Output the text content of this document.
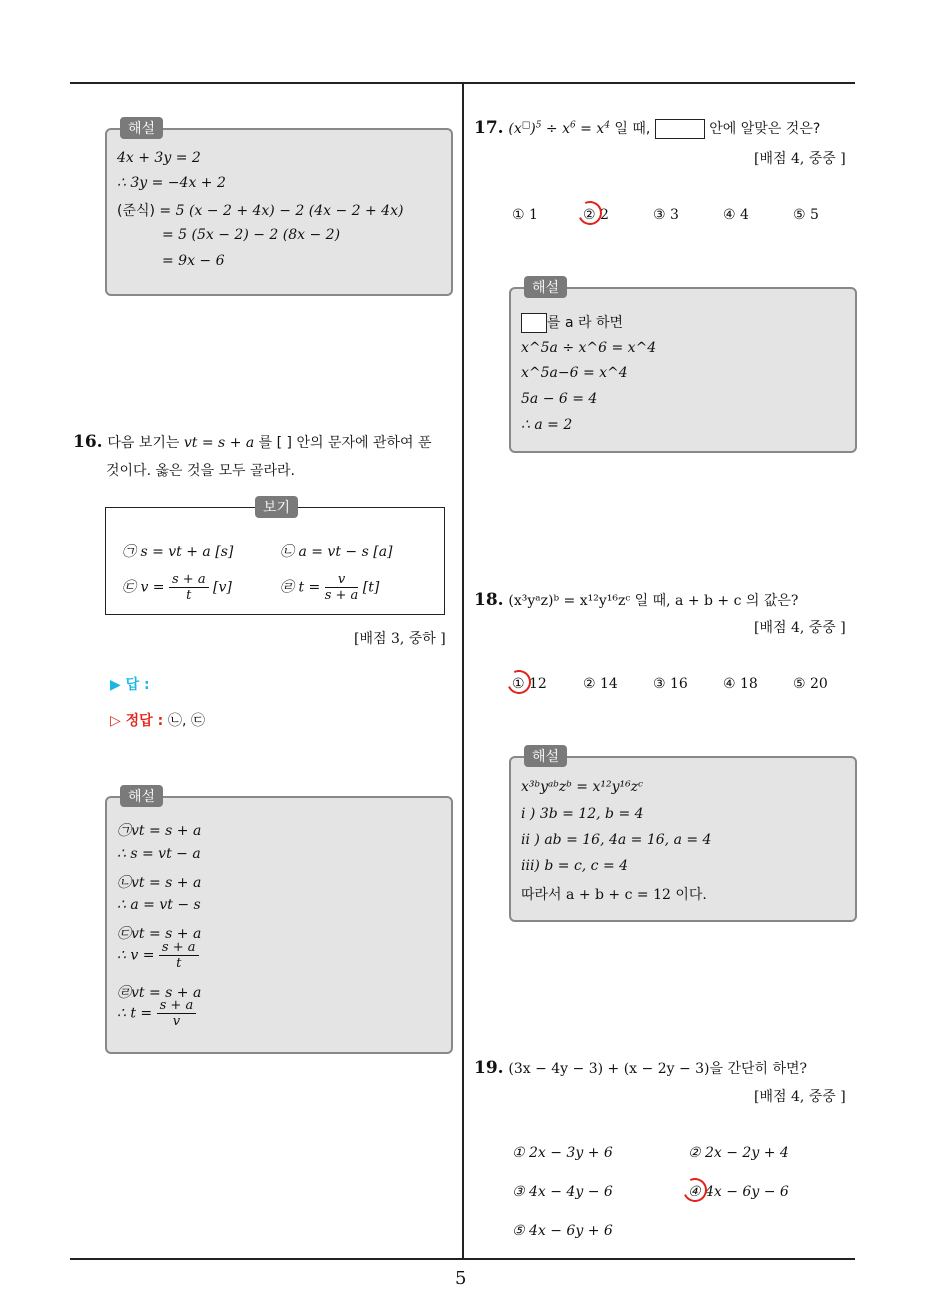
5
해설
4x + 3y = 2
∴ 3y = −4x + 2
(준식) = 5 (x − 2 + 4x) − 2 (4x − 2 + 4x)
= 5 (5x − 2) − 2 (8x − 2)
= 9x − 6
16. 다음 보기는 vt = s + a 를 [ ] 안의 문자에 관하여 푼
것이다. 옳은 것을 모두 골라라.
보기
㉠ s = vt + a [s]	㉡ a = vt − s [a]
㉢ $v = \frac{s + a}{t} [v]$	㉣ $t = \frac{v}{s + a} [t]$
[배점 3, 중하 ]
▶ 답 :
▷ 정답 : ㉡, ㉢
해설
㉠vt = s + a
∴ s = vt − a
㉡vt = s + a
∴ a = vt − s
㉢vt = s + a
∴ $v = \frac{s + a}{t}$
㉣vt = s + a
∴ $t = \frac{s + a}{v}$
17. $(x^□)^5 \div x^6 = x^4$ 일 때,	안에 알맞은 것은?
[배점 4, 중중 ]
① 1	② 2	③ 3	④ 4	⑤ 5
해설
를 a 라 하면
x^5a ÷ x^6 = x^4
x^5a−6 = x^4
5a − 6 = 4
∴ a = 2
18. (x³yᵃz)ᵇ = x¹²y¹⁶zᶜ 일 때, a + b + c 의 값은?
[배점 4, 중중 ]
① 12	② 14	③ 16	④ 18	⑤ 20
해설
x³ᵇyᵃᵇzᵇ = x¹²y¹⁶zᶜ
i ) 3b = 12, b = 4
ii ) ab = 16, 4a = 16, a = 4
iii) b = c, c = 4
따라서 a + b + c = 12 이다.
19. (3x − 4y − 3) + (x − 2y − 3)을 간단히 하면?
[배점 4, 중중 ]
① 2x − 3y + 6	② 2x − 2y + 4
③ 4x − 4y − 6	④ 4x − 6y − 6
⑤ 4x − 6y + 6
